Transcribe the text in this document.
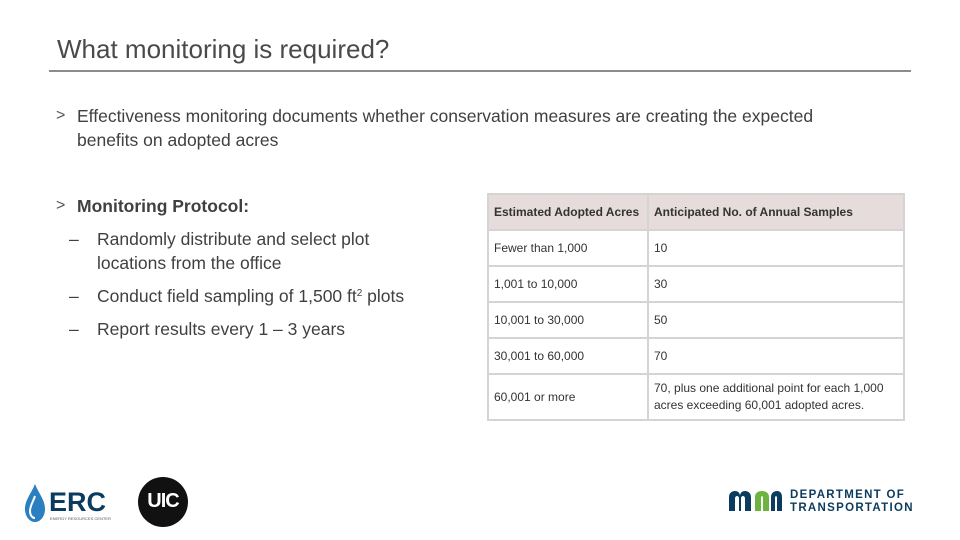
What monitoring is required?
> Effectiveness monitoring documents whether conservation measures are creating the expected benefits on adopted acres
> Monitoring Protocol:
– Randomly distribute and select plot locations from the office
– Conduct field sampling of 1,500 $ft^2$ plots
– Report results every 1 – 3 years
Estimated Adopted Acres	Anticipated No. of Annual Samples
Fewer than 1,000	10
1,001 to 10,000	30
10,001 to 30,000	50
30,001 to 60,000	70
60,001 or more	70, plus one additional point for each 1,000 acres exceeding 60,001 adopted acres.
ERC
ENERGY RESOURCES CENTER
UIC	DEPARTMENT OF
TRANSPORTATION
